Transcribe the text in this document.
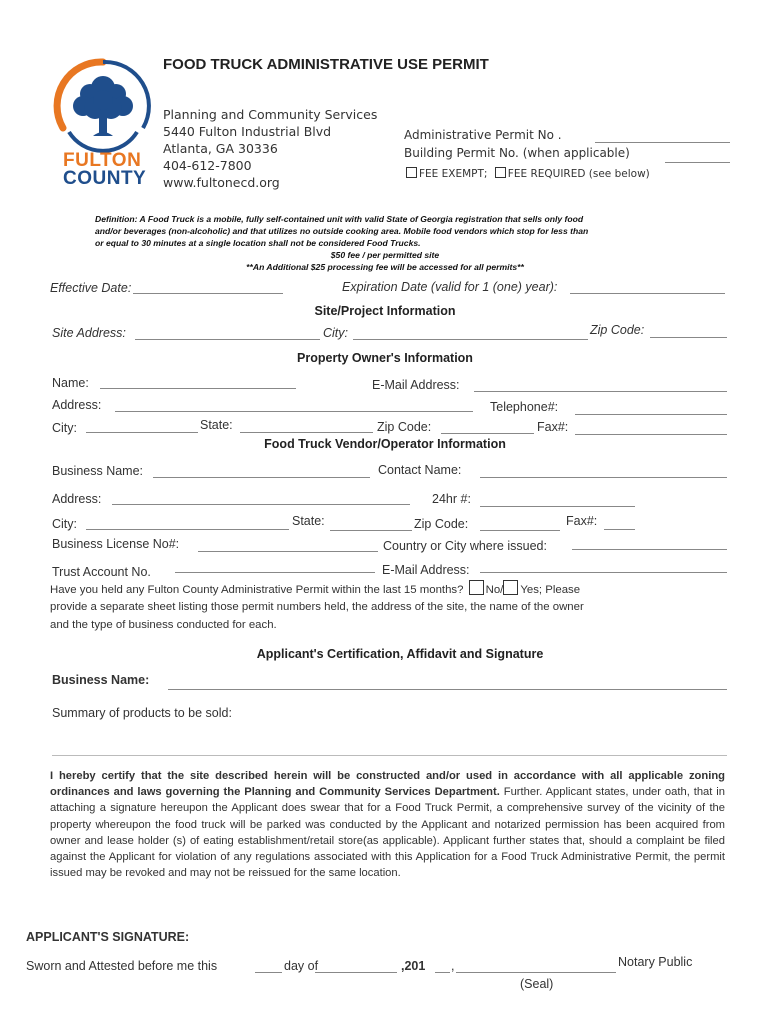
FULTON
COUNTY
FOOD TRUCK ADMINISTRATIVE USE PERMIT
Planning and Community Services
5440 Fulton Industrial Blvd
Atlanta, GA 30336
404-612-7800
www.fultonecd.org
Administrative Permit No .
Building Permit No. (when applicable)
FEE EXEMPT; FEE REQUIRED (see below)
Definition: A Food Truck is a mobile, fully self-contained unit with valid State of Georgia registration that sells only food
and/or beverages (non-alcoholic) and that utilizes no outside cooking area. Mobile food vendors which stop for less than
or equal to 30 minutes at a single location shall not be considered Food Trucks.
$50 fee / per permitted site
**An Additional $25 processing fee will be accessed for all permits**
Effective Date:	Expiration Date (valid for 1 (one) year):
Site/Project Information
Site Address:	City:	Zip Code:
Property Owner's Information
Name:	E-Mail Address:
Address:	Telephone#:
City:	State:	Zip Code:	Fax#:
Food Truck Vendor/Operator Information
Business Name:	Contact Name:
Address:	24hr #:
City:	State:	Zip Code:	Fax#:
Business License No#:	Country or City where issued:
Trust Account No.	E-Mail Address:
Have you held any Fulton County Administrative Permit within the last 15 months? No/ Yes; Please
provide a separate sheet listing those permit numbers held, the address of the site, the name of the owner
and the type of business conducted for each.
Applicant's Certification, Affidavit and Signature
Business Name:
Summary of products to be sold:
I hereby certify that the site described herein will be constructed and/or used in accordance with all applicable zoning ordinances and laws governing the Planning and Community Services Department. Further. Applicant states, under oath, that in attaching a signature hereupon the Applicant does swear that for a Food Truck Permit, a comprehensive survey of the vicinity of the property whereupon the food truck will be parked was conducted by the Applicant and notarized permission has been acquired from owner and lease holder (s) of eating establishment/retail store(as applicable). Applicant further states that, should a complaint be filed against the Applicant for violation of any regulations associated with this Application for a Food Truck Administrative Permit, the permit issued may be revoked and may not be reissued for the same location.
APPLICANT'S SIGNATURE:
Sworn and Attested before me this	day of	,201 ,	Notary Public
(Seal)
